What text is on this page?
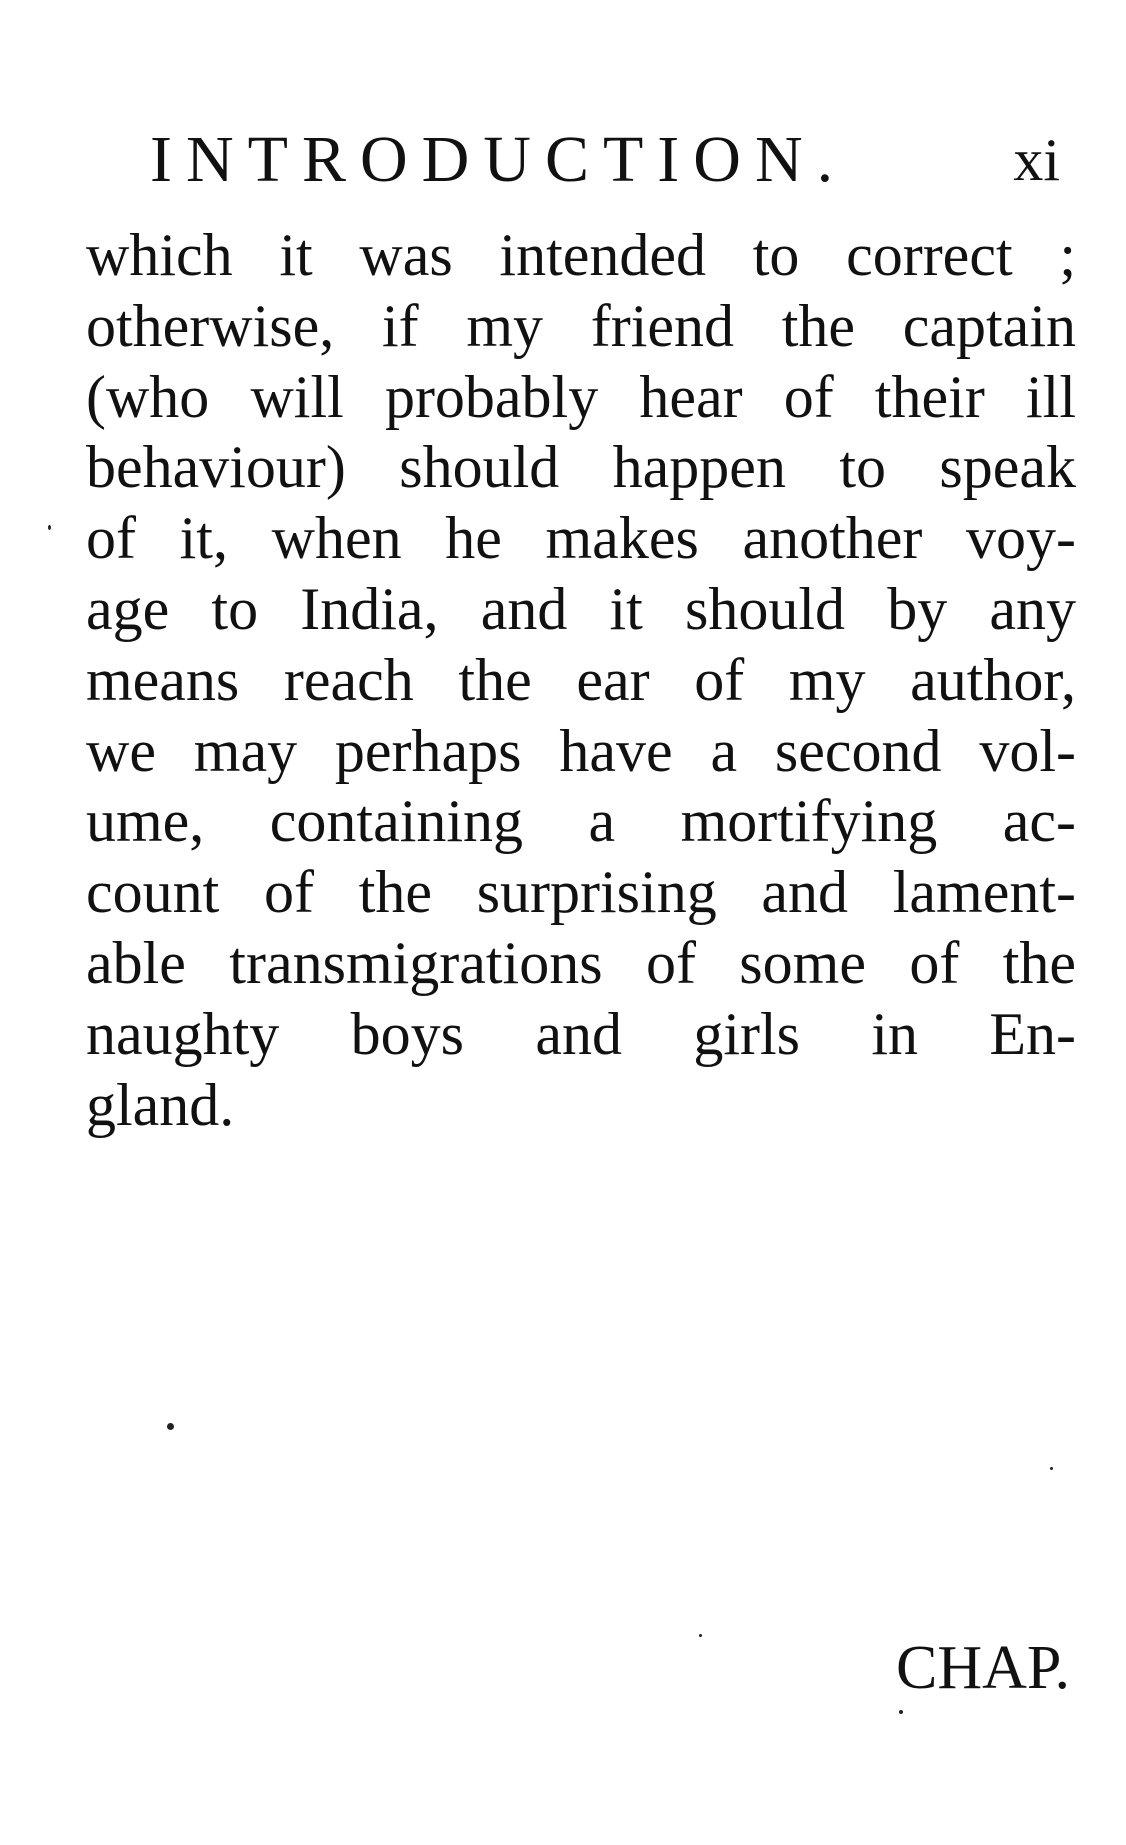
INTRODUCTION.	xi
which it was intended to correct ;
otherwise, if my friend the captain
(who will probably hear of their ill
behaviour) should happen to speak
of it, when he makes another voy-
age to India, and it should by any
means reach the ear of my author,
we may perhaps have a second vol-
ume, containing a mortifying ac-
count of the surprising and lament-
able transmigrations of some of the
naughty boys and girls in En-
gland.
CHAP.
